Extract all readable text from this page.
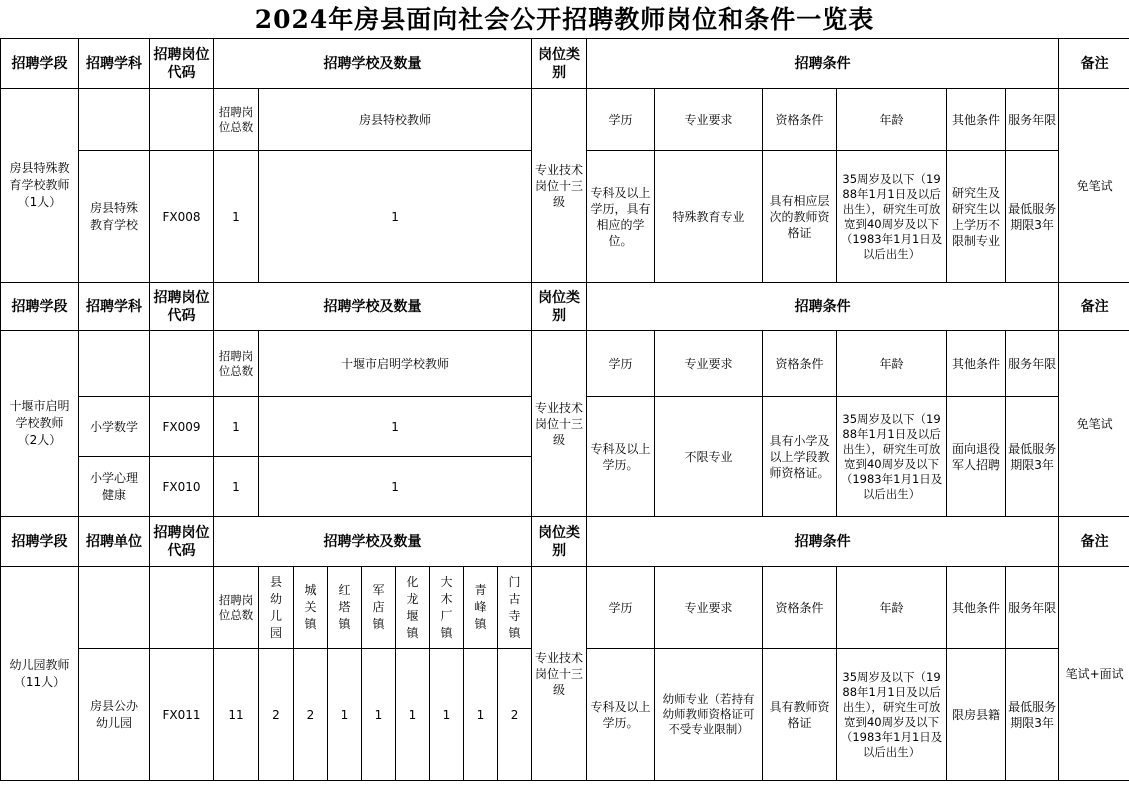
2024年房县面向社会公开招聘教师岗位和条件一览表
招聘学段	招聘学科	招聘岗位代码	招聘学校及数量									岗位类别	招聘条件						备注
房县特殊教育学校教师（1人）			招聘岗位总数	房县特校教师								专业技术岗位十三级	学历	专业要求	资格条件	年龄	其他条件	服务年限	免笔试
	房县特殊教育学校	FX008	1	1									专科及以上学历，具有相应的学位。	特殊教育专业	具有相应层次的教师资格证	35周岁及以下（1988年1月1日及以后出生），研究生可放宽到40周岁及以下（1983年1月1日及以后出生）	研究生及研究生以上学历不限制专业	最低服务期限3年	
招聘学段	招聘学科	招聘岗位代码	招聘学校及数量									岗位类别	招聘条件						备注
十堰市启明学校教师（2人）			招聘岗位总数	十堰市启明学校教师								专业技术岗位十三级	学历	专业要求	资格条件	年龄	其他条件	服务年限	免笔试
	小学数学	FX009	1	1									专科及以上学历。	不限专业	具有小学及以上学段教师资格证。	35周岁及以下（1988年1月1日及以后出生），研究生可放宽到40周岁及以下（1983年1月1日及以后出生）	面向退役军人招聘	最低服务期限3年	
	小学心理健康	FX010	1	1															
招聘学段	招聘单位	招聘岗位代码	招聘学校及数量									岗位类别	招聘条件						备注
幼儿园教师（11人）			招聘岗位总数	县幼儿园	城关镇	红塔镇	军店镇	化龙堰镇	大木厂镇	青峰镇	门古寺镇	专业技术岗位十三级	学历	专业要求	资格条件	年龄	其他条件	服务年限	笔试+面试
	房县公办幼儿园	FX011	11	2	2	1	1	1	1	1	2		专科及以上学历。	幼师专业（若持有幼师教师资格证可不受专业限制）	具有教师资格证	35周岁及以下（1988年1月1日及以后出生），研究生可放宽到40周岁及以下（1983年1月1日及以后出生）	限房县籍	最低服务期限3年	
